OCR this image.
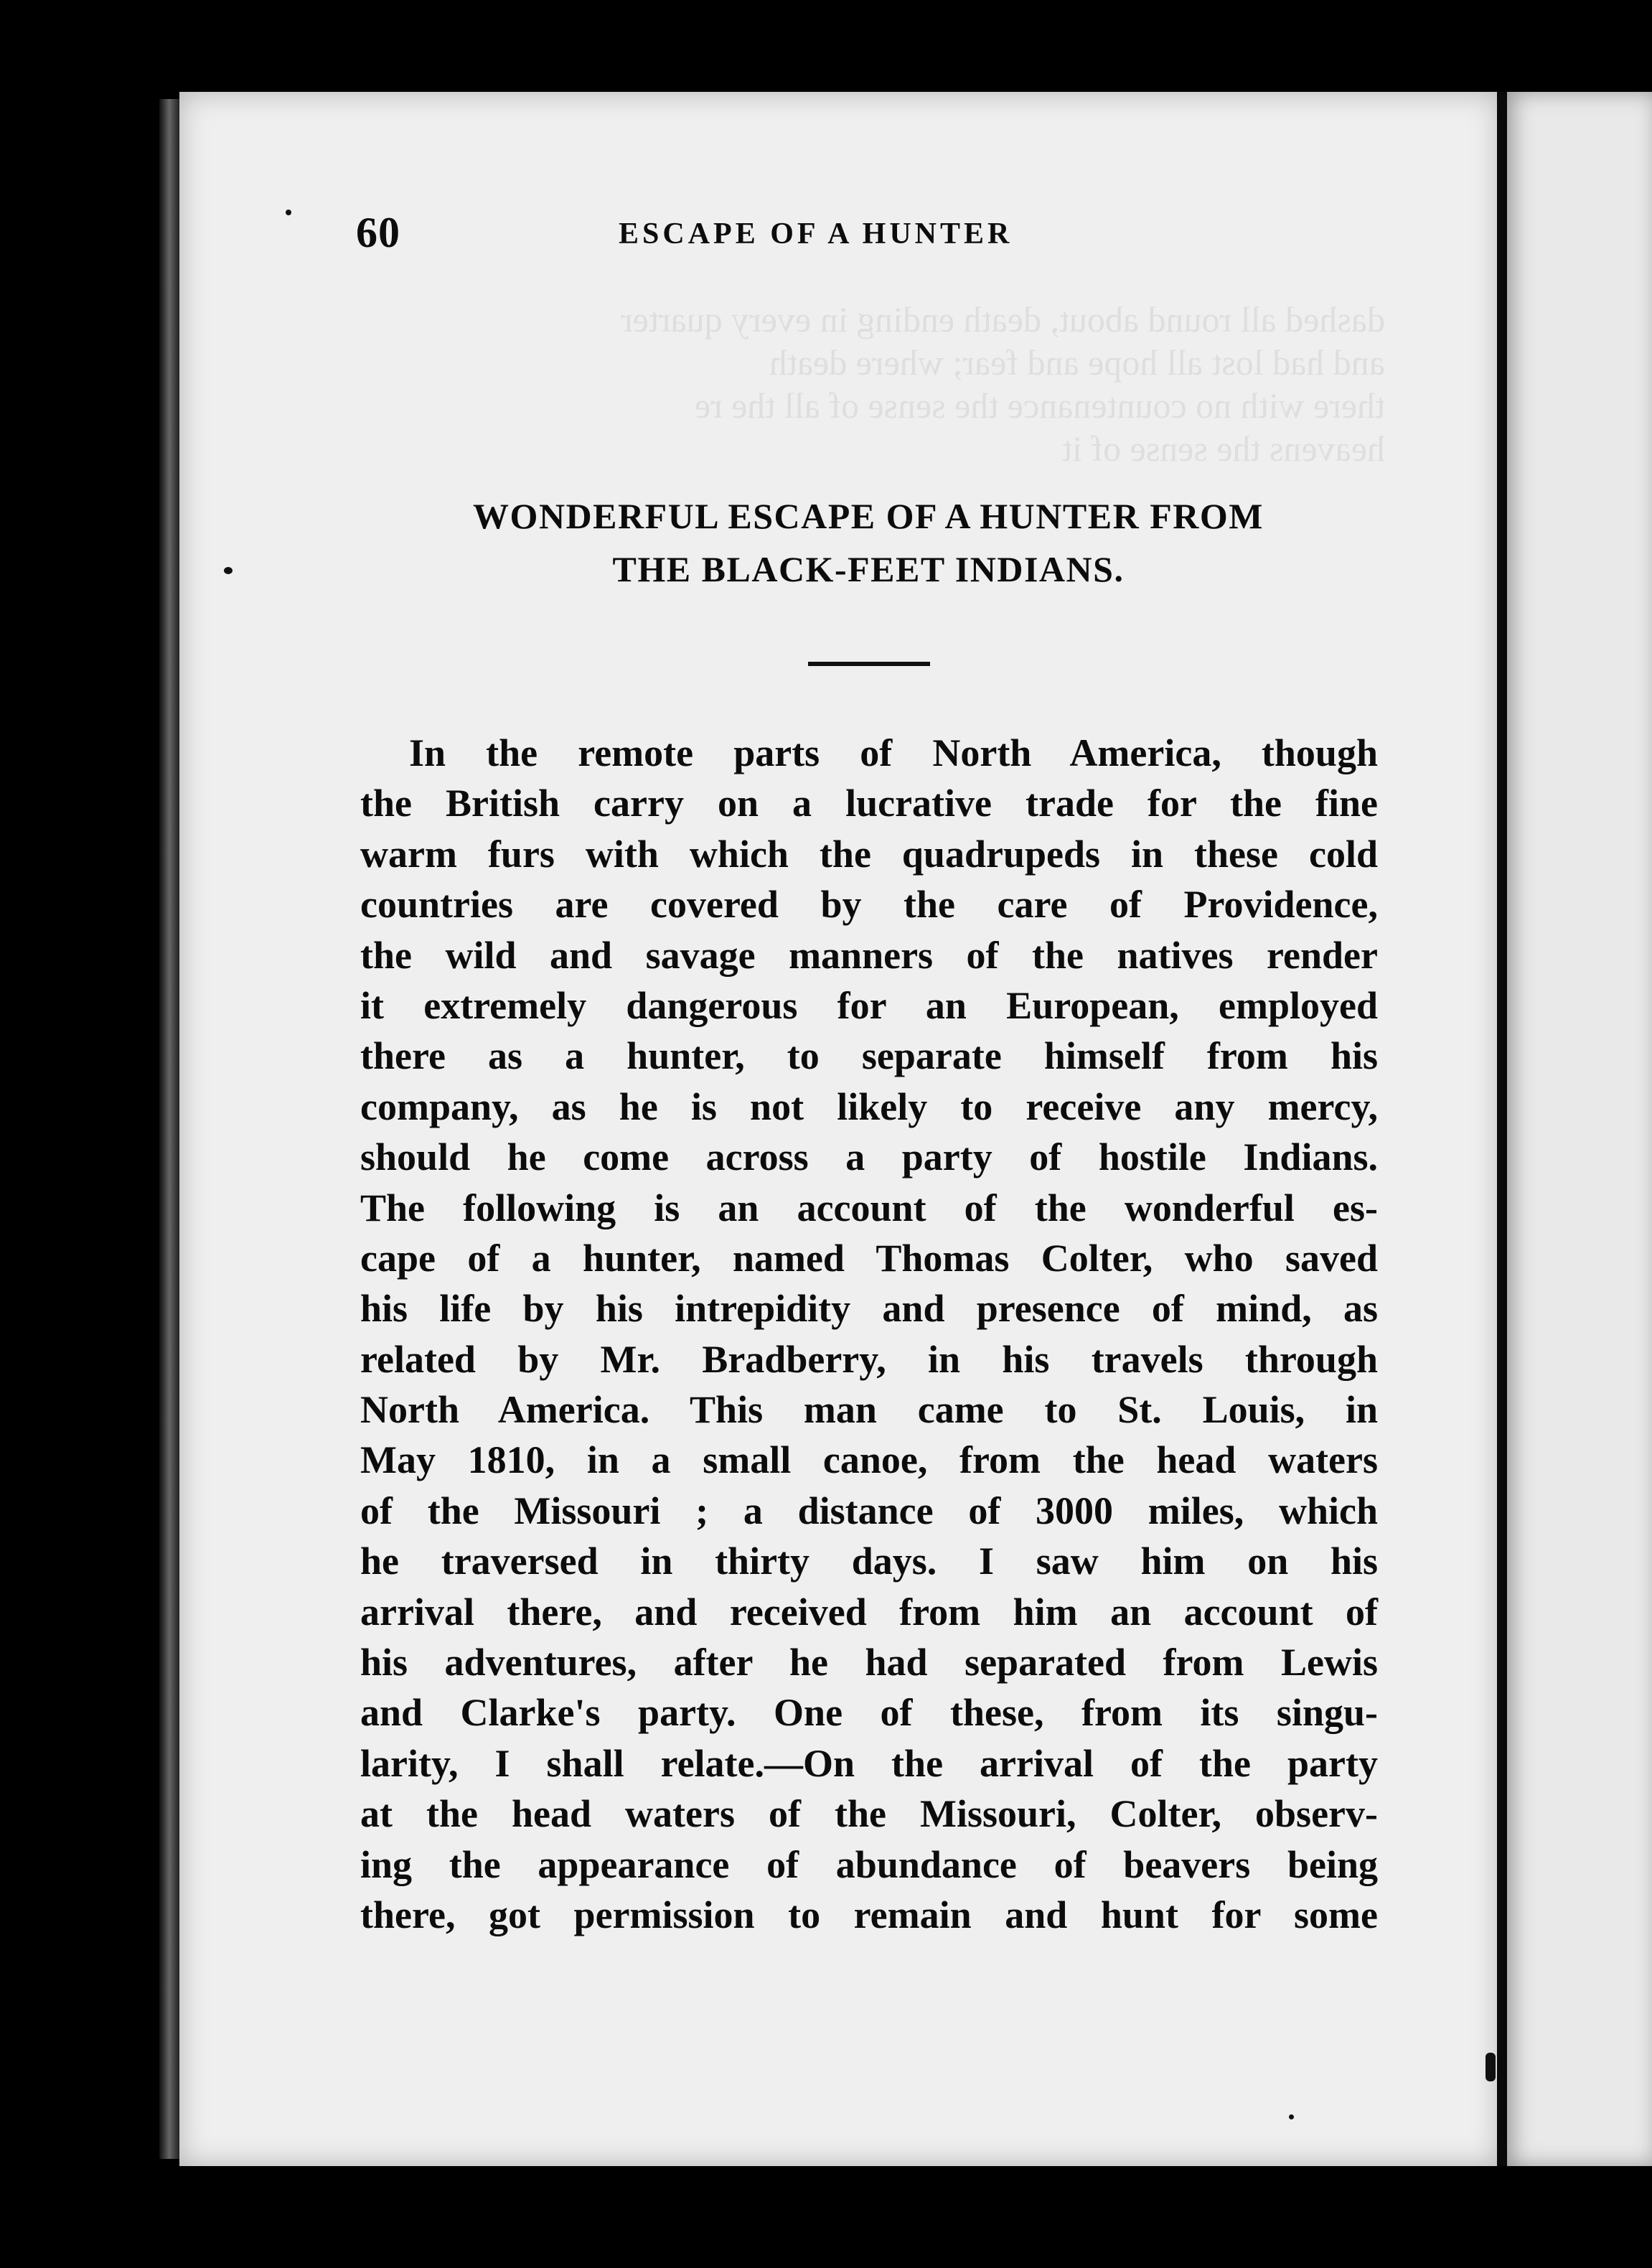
60	ESCAPE OF A HUNTER
WONDERFUL ESCAPE OF A HUNTER FROM
THE BLACK-FEET INDIANS.
In the remote parts of North America, though
the British carry on a lucrative trade for the fine
warm furs with which the quadrupeds in these cold
countries are covered by the care of Providence,
the wild and savage manners of the natives render
it extremely dangerous for an European, employed
there as a hunter, to separate himself from his
company, as he is not likely to receive any mercy,
should he come across a party of hostile Indians.
The following is an account of the wonderful es-
cape of a hunter, named Thomas Colter, who saved
his life by his intrepidity and presence of mind, as
related by Mr. Bradberry, in his travels through
North America. This man came to St. Louis, in
May 1810, in a small canoe, from the head waters
of the Missouri ; a distance of 3000 miles, which
he traversed in thirty days. I saw him on his
arrival there, and received from him an account of
his adventures, after he had separated from Lewis
and Clarke's party. One of these, from its singu-
larity, I shall relate.—On the arrival of the party
at the head waters of the Missouri, Colter, observ-
ing the appearance of abundance of beavers being
there, got permission to remain and hunt for some
